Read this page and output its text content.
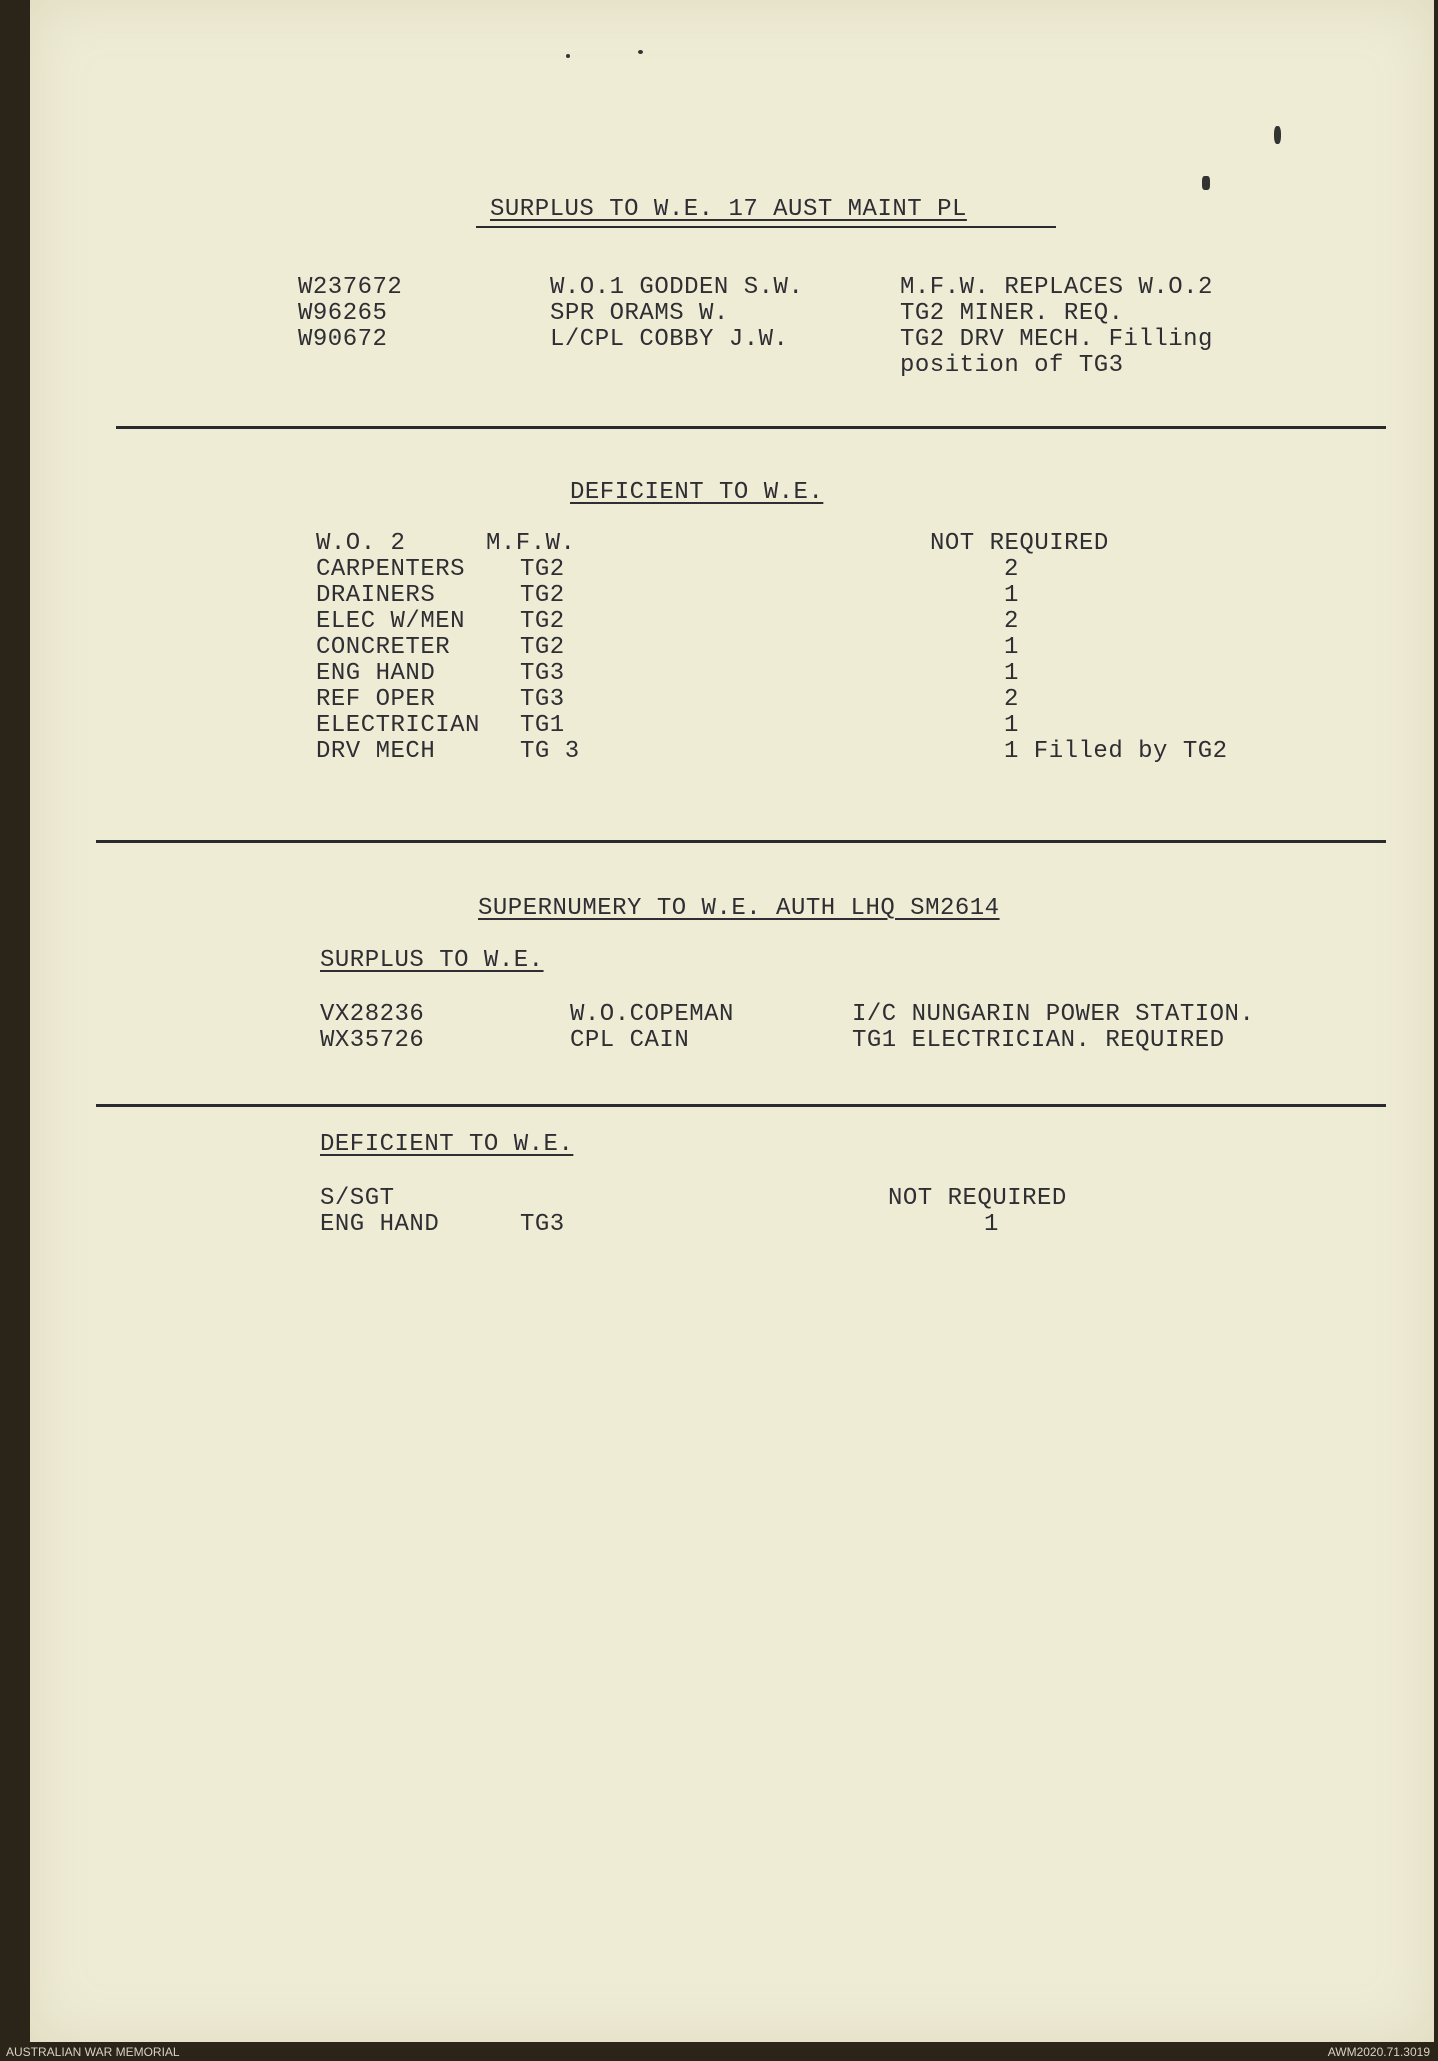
SURPLUS TO W.E. 17 AUST MAINT PL
W237672	W.O.1 GODDEN S.W.	M.F.W. REPLACES W.O.2
W96265	SPR ORAMS W.	TG2 MINER. REQ.
W90672	L/CPL COBBY J.W.	TG2 DRV MECH. Filling
position of TG3
DEFICIENT TO W.E.
W.O. 2	M.F.W.	NOT REQUIRED
CARPENTERS TG2	2
DRAINERS	TG2	1
ELEC W/MEN TG2	2
CONCRETER	TG2	1
ENG HAND	TG3	1
REF OPER	TG3	2
ELECTRICIAN TG1	1
DRV MECH	TG 3	1 Filled by TG2
SUPERNUMERY TO W.E. AUTH LHQ SM2614
SURPLUS TO W.E.
VX28236	W.O.COPEMAN	I/C NUNGARIN POWER STATION.
WX35726	CPL CAIN	TG1 ELECTRICIAN. REQUIRED
DEFICIENT TO W.E.
S/SGT	NOT REQUIRED
ENG HAND	TG3	1
AUSTRALIAN WAR MEMORIAL	AWM2020.71.3019
